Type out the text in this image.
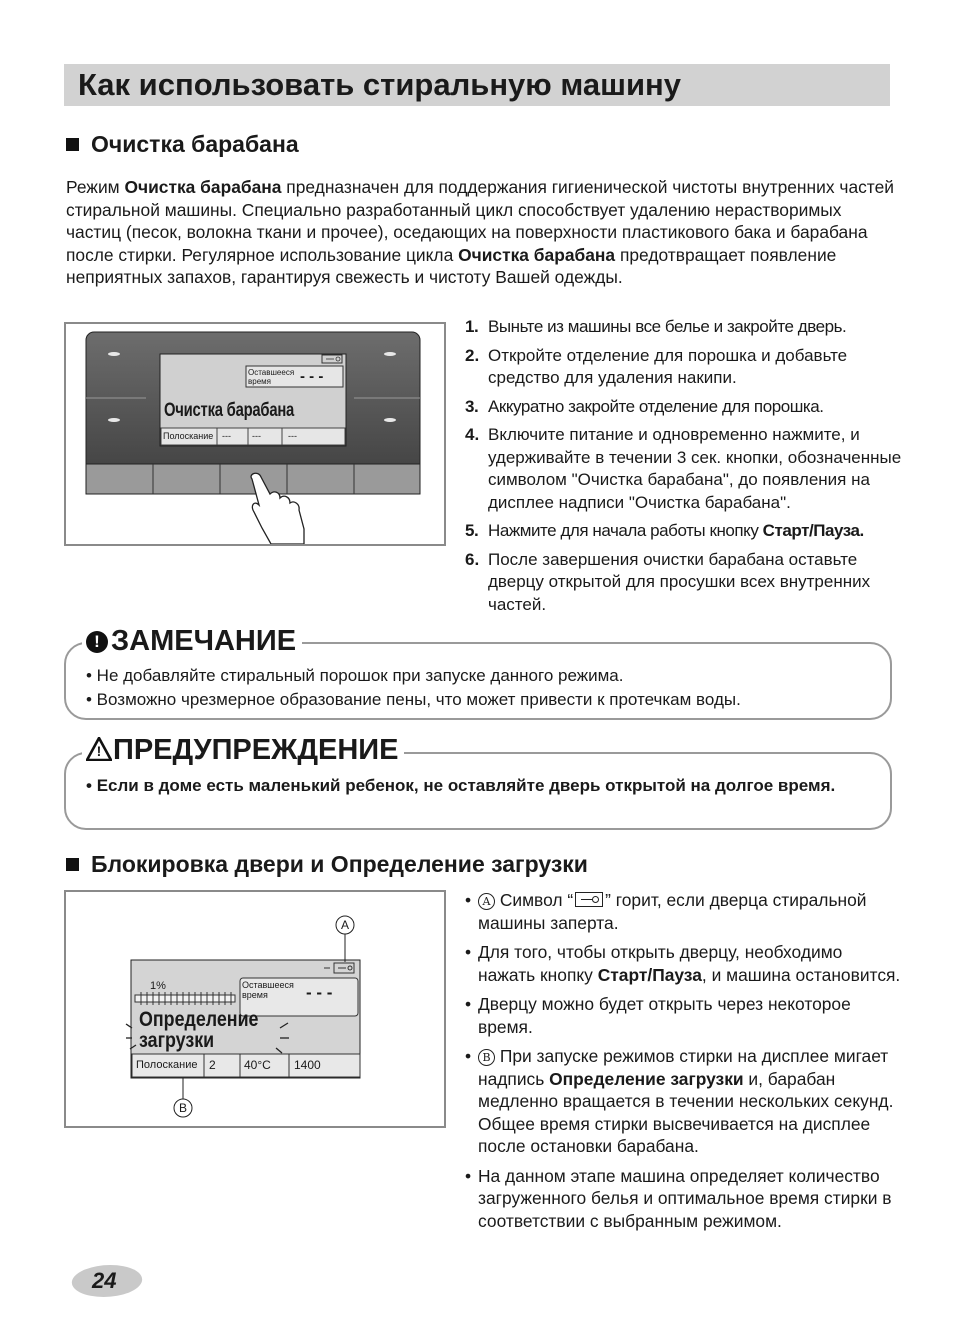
Как использовать стиральную машину
Очистка барабана
Режим Очистка барабана предназначен для поддержания гигиенической чистоты внутренних частей стиральной машины. Специально разработанный цикл способствует удалению нерастворимых частиц (песок, волокна ткани и прочее), оседающих на поверхности пластикового бака и барабана после стирки. Регулярное использование цикла Очистка барабана предотвращает появление неприятных запахов, гарантируя свежесть и чистоту Вашей одежды.
Оставшееся время	- - -
Очистка барабана
Полоскание --- ---	---
1. Выньте из машины все белье и закройте дверь.
2. Откройте отделение для порошка и добавьте средство для удаления накипи.
3. Аккуратно закройте отделение для порошка.
4. Включите питание и одновременно нажмите, и удерживайте в течении 3 сек. кнопки, обозначенные символом "Очистка барабана", до появления на дисплее надписи "Очистка барабана".
5. Нажмите для начала работы кнопку Старт/Пауза.
6. После завершения очистки барабана оставьте дверцу открытой для просушки всех внутренних частей.
• Не добавляйте стиральный порошок при запуске данного режима.
• Возможно чрезмерное образование пены, что может привести к протечкам воды.
! ЗАМЕЧАНИЕ
• Если в доме есть маленький ребенок, не оставляйте дверь открытой на долгое время.
! ПРЕДУПРЕЖДЕНИЕ
Блокировка двери и Определение загрузки
A
B
1%	Оставшееся время	- - -
Определение
загрузки
Полоскание 2 40°C 1400
• A Символ “ ” горит, если дверца стиральной машины заперта.
• Для того, чтобы открыть дверцу, необходимо нажать кнопку Старт/Пауза, и машина остановится.
• Дверцу можно будет открыть через некоторое время.
• B При запуске режимов стирки на дисплее мигает надпись Определение загрузки и, барабан медленно вращается в течении нескольких секунд. Общее время стирки высвечивается на дисплее после остановки барабана.
• На данном этапе машина определяет количество загруженного белья и оптимальное время стирки в соответствии с выбранным режимом.
24
